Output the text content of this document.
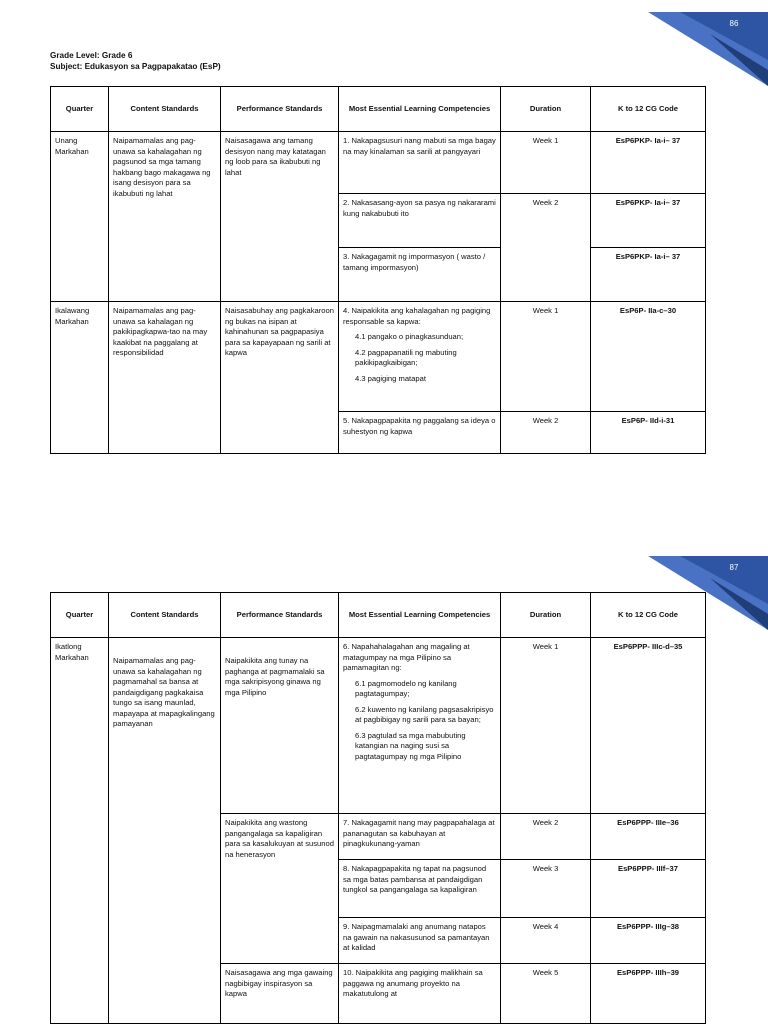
86
Grade Level: Grade 6
Subject: Edukasyon sa Pagpapakatao (EsP)
Quarter	Content Standards	Performance Standards	Most Essential Learning Competencies	Duration	K to 12 CG Code
Unang Markahan	Naipamamalas ang pag-unawa sa kahalagahan ng pagsunod sa mga tamang hakbang bago makagawa ng isang desisyon para sa ikabubuti ng lahat	Naisasagawa ang tamang desisyon nang may katatagan ng loob para sa ikabubuti ng lahat	1. Nakapagsusuri nang mabuti sa mga bagay na may kinalaman sa sarili at pangyayari	Week 1	EsP6PKP- Ia-i– 37
			2. Nakasasang-ayon sa pasya ng nakararami kung nakabubuti ito	Week 2	EsP6PKP- Ia-i– 37
			3. Nakagagamit ng impormasyon ( wasto / tamang impormasyon)		EsP6PKP- Ia-i– 37
Ikalawang Markahan	Naipamamalas ang pag-unawa sa kahalagan ng pakikipagkapwa-tao na may kaakibat na paggalang at responsibilidad	Naisasabuhay ang pagkakaroon ng bukas na isipan at kahinahunan sa pagpapasiya para sa kapayapaan ng sarili at kapwa	4. Naipakikita ang kahalagahan ng pagiging responsable sa kapwa:
4.1 pangako o pinagkasunduan;
4.2 pagpapanatili ng mabuting pakikipagkaibigan;
4.3 pagiging matapat	Week 1	EsP6P- IIa-c–30
			5. Nakapagpapakita ng paggalang sa ideya o suhestyon ng kapwa	Week 2	EsP6P- IId-i-31
87
Quarter	Content Standards	Performance Standards	Most Essential Learning Competencies	Duration	K to 12 CG Code
Ikatlong Markahan	Naipamamalas ang pag-unawa sa kahalagahan ng pagmamahal sa bansa at pandaigdigang pagkakaisa tungo sa isang maunlad, mapayapa at mapagkalingang pamayanan	Naipakikita ang tunay na paghanga at pagmamalaki sa mga sakripisyong ginawa ng mga Pilipino	6. Napahahalagahan ang magaling at matagumpay na mga Pilipino sa pamamagitan ng:
6.1 pagmomodelo ng kanilang pagtatagumpay;
6.2 kuwento ng kanilang pagsasakripisyo at pagbibigay ng sarili para sa bayan;
6.3 pagtulad sa mga mabubuting katangian na naging susi sa pagtatagumpay ng mga Pilipino	Week 1	EsP6PPP- IIIc-d–35
		Naipakikita ang wastong pangangalaga sa kapaligiran para sa kasalukuyan at susunod na henerasyon	7. Nakagagamit nang may pagpapahalaga at pananagutan sa kabuhayan at pinagkukunang-yaman	Week 2	EsP6PPP- IIIe–36
			8. Nakapagpapakita ng tapat na pagsunod sa mga batas pambansa at pandaigdigan tungkol sa pangangalaga sa kapaligiran	Week 3	EsP6PPP- IIIf–37
			9. Naipagmamalaki ang anumang natapos na gawain na nakasusunod sa pamantayan at kalidad	Week 4	EsP6PPP- IIIg–38
		Naisasagawa ang mga gawaing nagbibigay inspirasyon sa kapwa	10. Naipakikita ang pagiging malikhain sa paggawa ng anumang proyekto na makatutulong at	Week 5	EsP6PPP- IIIh–39
